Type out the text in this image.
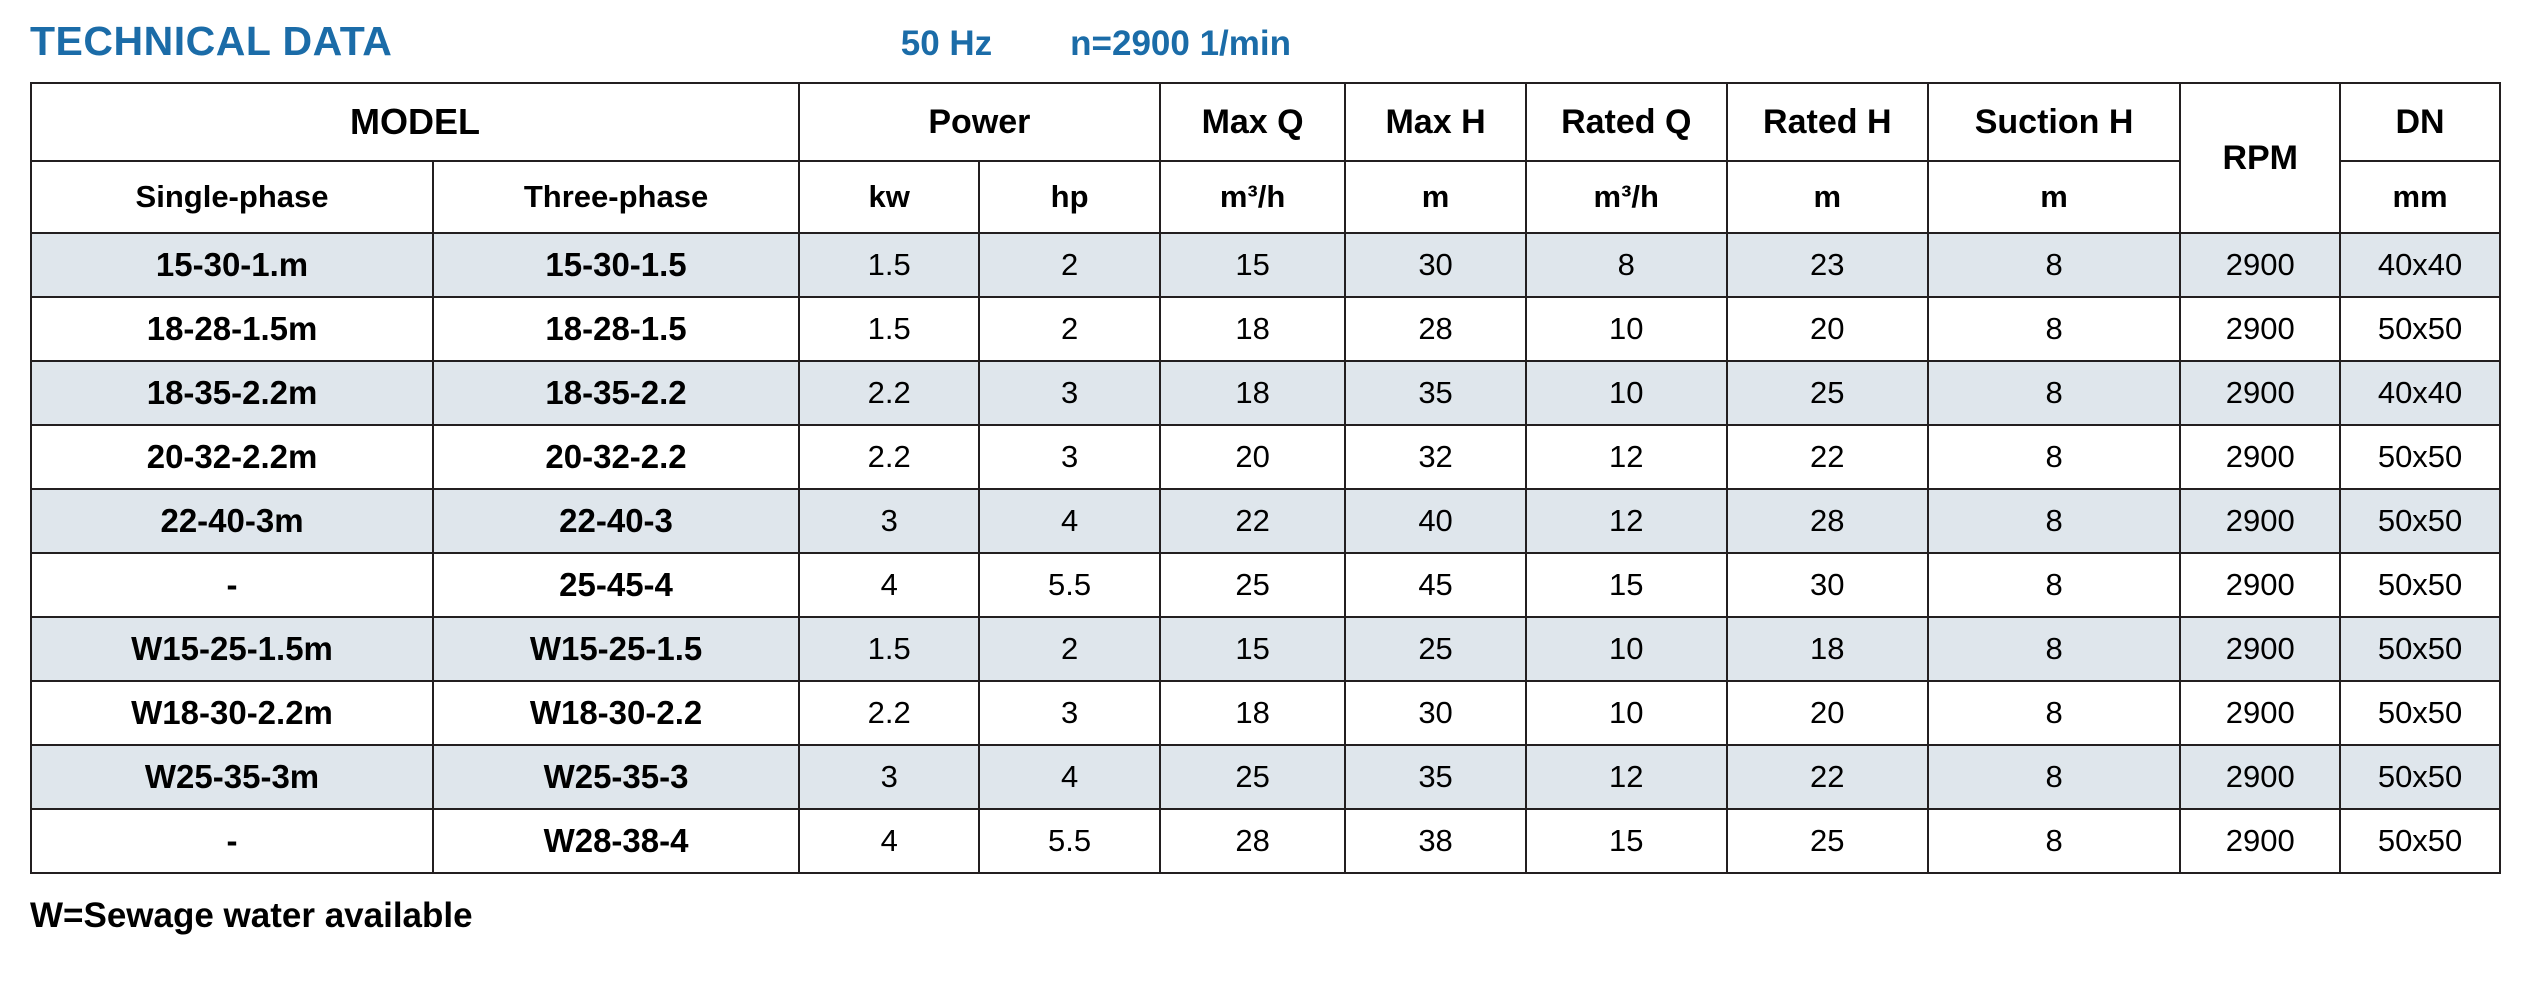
TECHNICAL DATA	50 Hz n=2900 1/min
MODEL		Power		Max Q	Max H	Rated Q	Rated H	Suction H	RPM	DN
Single-phase	Three-phase	kw	hp	m³/h	m	m³/h	m	m		mm
15-30-1.m	15-30-1.5	1.5	2	15	30	8	23	8	2900	40x40
18-28-1.5m	18-28-1.5	1.5	2	18	28	10	20	8	2900	50x50
18-35-2.2m	18-35-2.2	2.2	3	18	35	10	25	8	2900	40x40
20-32-2.2m	20-32-2.2	2.2	3	20	32	12	22	8	2900	50x50
22-40-3m	22-40-3	3	4	22	40	12	28	8	2900	50x50
-	25-45-4	4	5.5	25	45	15	30	8	2900	50x50
W15-25-1.5m	W15-25-1.5	1.5	2	15	25	10	18	8	2900	50x50
W18-30-2.2m	W18-30-2.2	2.2	3	18	30	10	20	8	2900	50x50
W25-35-3m	W25-35-3	3	4	25	35	12	22	8	2900	50x50
-	W28-38-4	4	5.5	28	38	15	25	8	2900	50x50
W=Sewage water available
